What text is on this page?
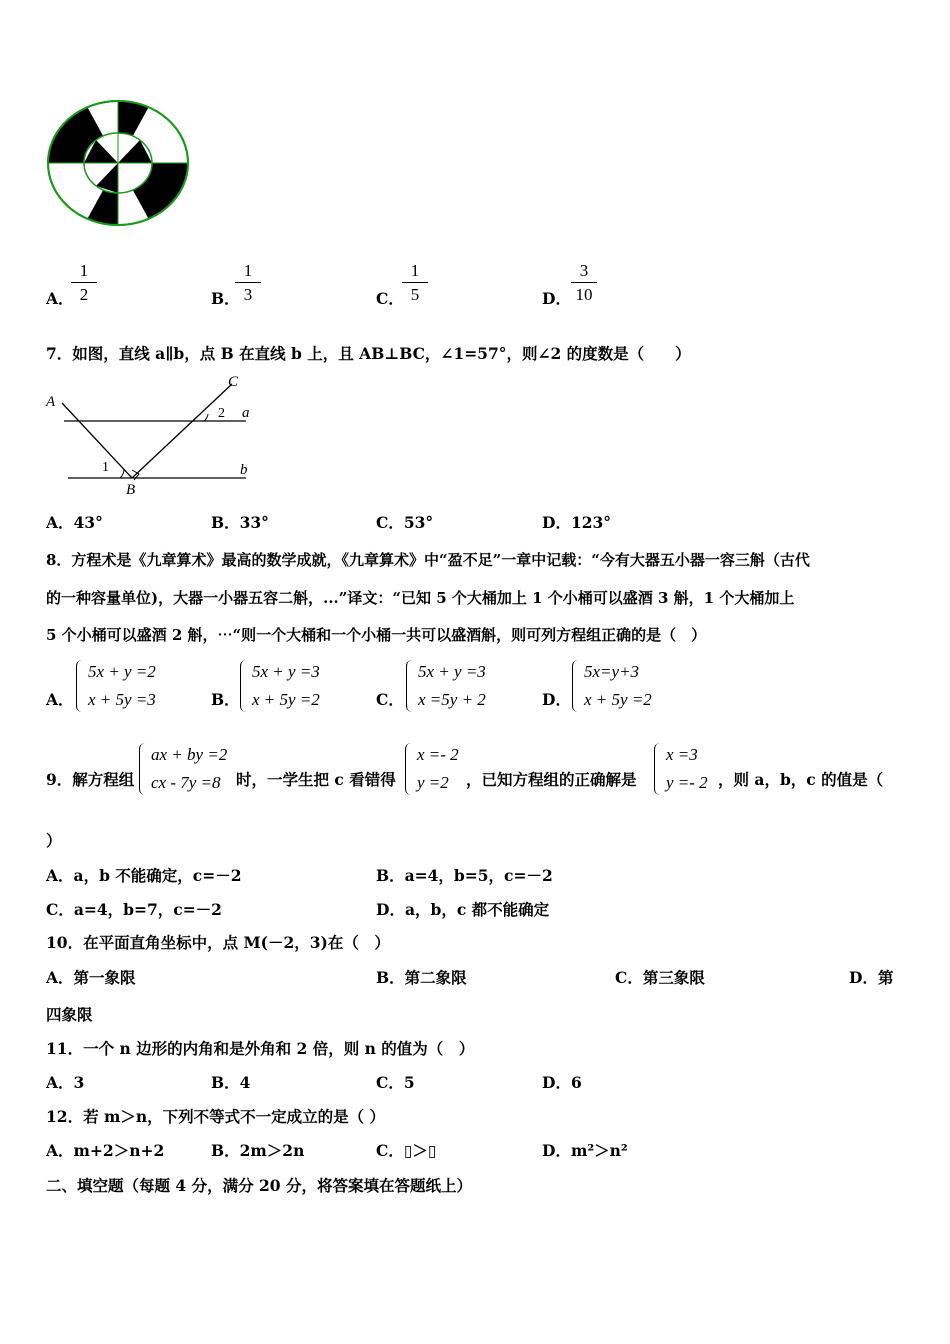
A．
1
2	B．
1
3	C．
1
5	D．
3
10
7．如图，直线 a∥b，点 B 在直线 b 上，且 AB⊥BC，∠1=57°，则∠2 的度数是（　　）
A
B
C
a
b
1
2
A．43°	B．33°	C．53°	D．123°
8．方程术是《九章算术》最高的数学成就，《九章算术》中“盈不足”一章中记载：“今有大器五小器一容三斛（古代
的一种容量单位)，大器一小器五容二斛，...”译文：“已知 5 个大桶加上 1 个小桶可以盛酒 3 斛，1 个大桶加上
5 个小桶可以盛酒 2 斛，⋯“则一个大桶和一个小桶一共可以盛酒斛，则可列方程组正确的是（　）
A．
5x + y =2
x + 5y =3	B．
5x + y =3
x + 5y =2	C．
5x + y =3
x =5y + 2	D．
5x=y+3
x + 5y =2
9．解方程组
ax + by =2
cx - 7y =8 时，一学生把 c 看错得
x =- 2
y =2	，已知方程组的正确解是
x =3
y =- 2 ，则 a，b，c 的值是（
）
A．a，b 不能确定，c=－2	B．a=4，b=5，c=－2
C．a=4，b=7，c=－2	D．a，b，c 都不能确定
10．在平面直角坐标中，点 M(－2，3)在（　）
A．第一象限	B．第二象限	C．第三象限	D．第
四象限
11．一个 n 边形的内角和是外角和 2 倍，则 n 的值为（　）
A．3	B．4	C．5	D．6
12．若 m＞n，下列不等式不一定成立的是（ ）
A．m+2＞n+2	B．2m＞2n	C．▯＞▯	D．m²＞n²
二、填空题（每题 4 分，满分 20 分，将答案填在答题纸上）
